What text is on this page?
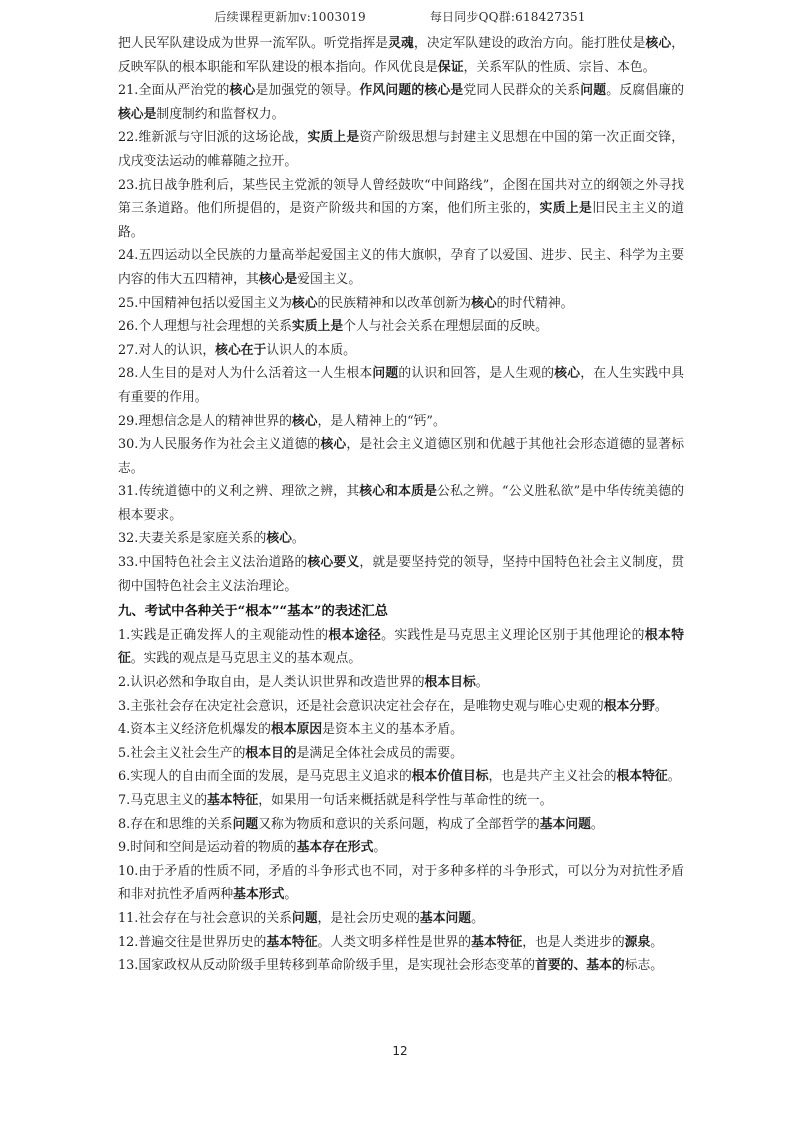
后续课程更新加v:1003019	每日同步QQ群:618427351

把人民军队建设成为世界一流军队。听党指挥是灵魂，决定军队建设的政治方向。能打胜仗是核心，反映军队的根本职能和军队建设的根本指向。作风优良是保证，关系军队的性质、宗旨、本色。

21.全面从严治党的核心是加强党的领导。作风问题的核心是党同人民群众的关系问题。反腐倡廉的核心是制度制约和监督权力。

22.维新派与守旧派的这场论战，实质上是资产阶级思想与封建主义思想在中国的第一次正面交锋，戊戌变法运动的帷幕随之拉开。

23.抗日战争胜利后，某些民主党派的领导人曾经鼓吹“中间路线”，企图在国共对立的纲领之外寻找第三条道路。他们所提倡的，是资产阶级共和国的方案，他们所主张的，实质上是旧民主主义的道路。

24.五四运动以全民族的力量高举起爱国主义的伟大旗帜，孕育了以爱国、进步、民主、科学为主要内容的伟大五四精神，其核心是爱国主义。

25.中国精神包括以爱国主义为核心的民族精神和以改革创新为核心的时代精神。

26.个人理想与社会理想的关系实质上是个人与社会关系在理想层面的反映。

27.对人的认识，核心在于认识人的本质。

28.人生目的是对人为什么活着这一人生根本问题的认识和回答，是人生观的核心，在人生实践中具有重要的作用。

29.理想信念是人的精神世界的核心，是人精神上的“钙”。

30.为人民服务作为社会主义道德的核心，是社会主义道德区别和优越于其他社会形态道德的显著标志。

31.传统道德中的义利之辨、理欲之辨，其核心和本质是公私之辨。“公义胜私欲”是中华传统美德的根本要求。

32.夫妻关系是家庭关系的核心。

33.中国特色社会主义法治道路的核心要义，就是要坚持党的领导，坚持中国特色社会主义制度，贯彻中国特色社会主义法治理论。

九、考试中各种关于“根本”“基本”的表述汇总

1.实践是正确发挥人的主观能动性的根本途径。实践性是马克思主义理论区别于其他理论的根本特征。实践的观点是马克思主义的基本观点。

2.认识必然和争取自由，是人类认识世界和改造世界的根本目标。

3.主张社会存在决定社会意识，还是社会意识决定社会存在，是唯物史观与唯心史观的根本分野。

4.资本主义经济危机爆发的根本原因是资本主义的基本矛盾。

5.社会主义社会生产的根本目的是满足全体社会成员的需要。

6.实现人的自由而全面的发展，是马克思主义追求的根本价值目标，也是共产主义社会的根本特征。

7.马克思主义的基本特征，如果用一句话来概括就是科学性与革命性的统一。

8.存在和思维的关系问题又称为物质和意识的关系问题，构成了全部哲学的基本问题。

9.时间和空间是运动着的物质的基本存在形式。

10.由于矛盾的性质不同，矛盾的斗争形式也不同，对于多种多样的斗争形式，可以分为对抗性矛盾和非对抗性矛盾两种基本形式。

11.社会存在与社会意识的关系问题，是社会历史观的基本问题。

12.普遍交往是世界历史的基本特征。人类文明多样性是世界的基本特征，也是人类进步的源泉。

13.国家政权从反动阶级手里转移到革命阶级手里，是实现社会形态变革的首要的、基本的标志。

12
